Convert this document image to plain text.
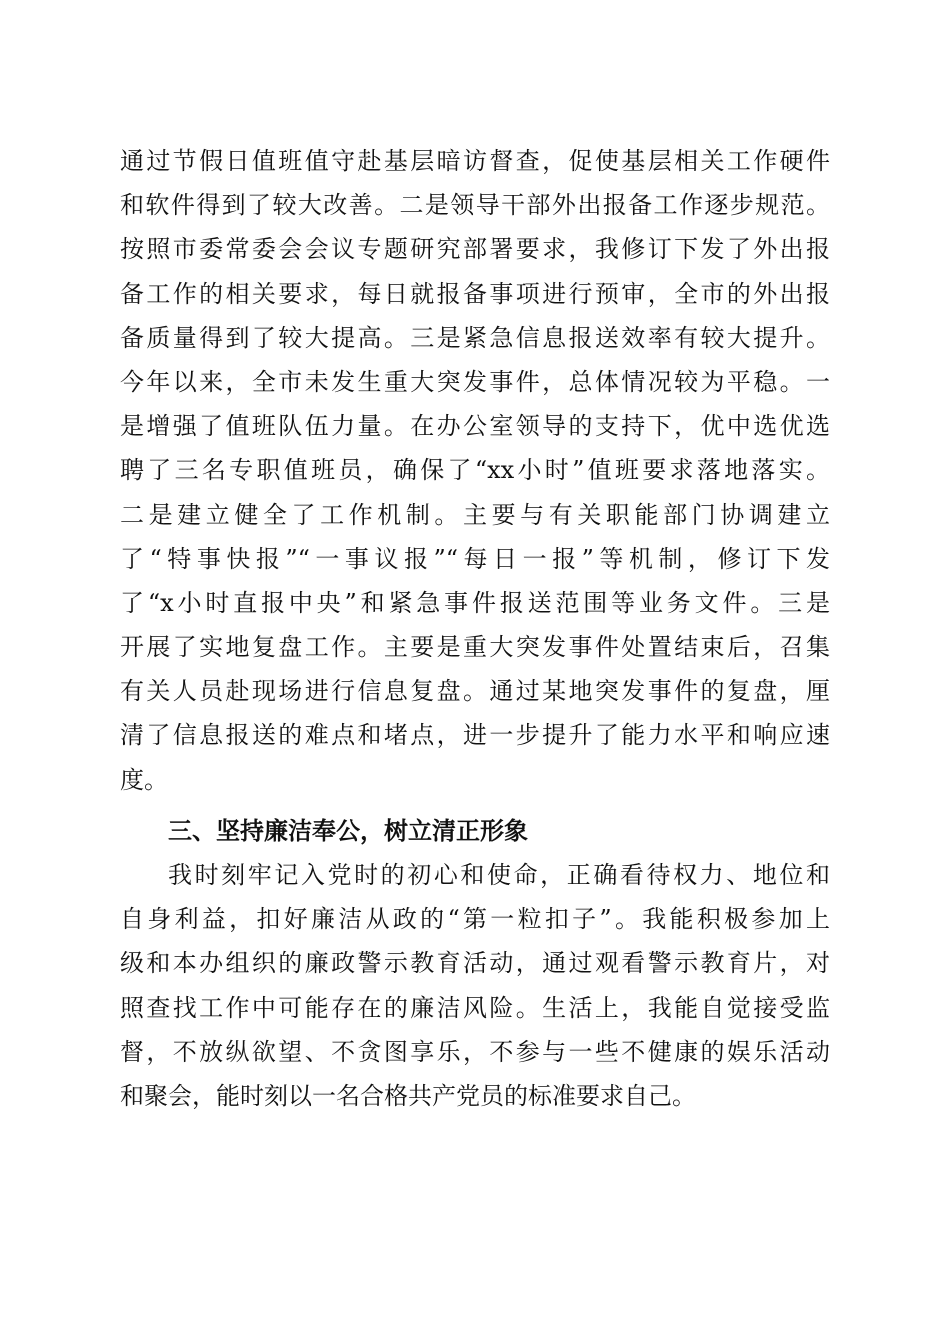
通过节假日值班值守赴基层暗访督查，促使基层相关工作硬件
和软件得到了较大改善。二是领导干部外出报备工作逐步规范。
按照市委常委会会议专题研究部署要求，我修订下发了外出报
备工作的相关要求，每日就报备事项进行预审，全市的外出报
备质量得到了较大提高。三是紧急信息报送效率有较大提升。
今年以来，全市未发生重大突发事件，总体情况较为平稳。一
是增强了值班队伍力量。在办公室领导的支持下，优中选优选
聘了三名专职值班员，确保了“xx小时”值班要求落地落实。
二是建立健全了工作机制。主要与有关职能部门协调建立
了“特事快报”“一事议报”“每日一报”等机制，修订下发
了“x小时直报中央”和紧急事件报送范围等业务文件。三是
开展了实地复盘工作。主要是重大突发事件处置结束后，召集
有关人员赴现场进行信息复盘。通过某地突发事件的复盘，厘
清了信息报送的难点和堵点，进一步提升了能力水平和响应速
度。
三、坚持廉洁奉公，树立清正形象
我时刻牢记入党时的初心和使命，正确看待权力、地位和
自身利益，扣好廉洁从政的“第一粒扣子”。我能积极参加上
级和本办组织的廉政警示教育活动，通过观看警示教育片，对
照查找工作中可能存在的廉洁风险。生活上，我能自觉接受监
督，不放纵欲望、不贪图享乐，不参与一些不健康的娱乐活动
和聚会，能时刻以一名合格共产党员的标准要求自己。
